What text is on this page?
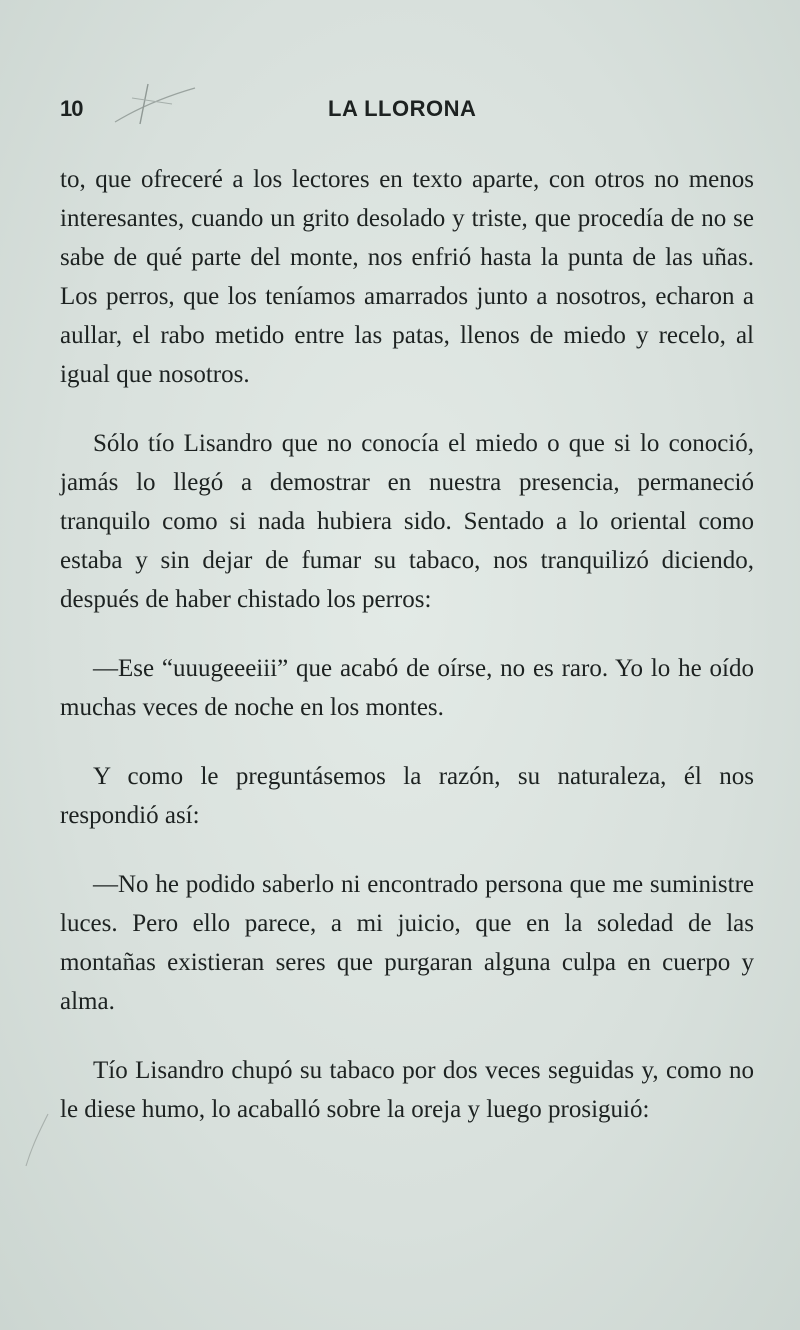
10	LA LLORONA

to, que ofreceré a los lectores en texto aparte, con otros no menos interesantes, cuando un grito desolado y triste, que procedía de no se sabe de qué parte del monte, nos enfrió hasta la punta de las uñas. Los perros, que los teníamos amarrados junto a nosotros, echaron a aullar, el rabo metido entre las patas, llenos de miedo y recelo, al igual que nosotros.

Sólo tío Lisandro que no conocía el miedo o que si lo conoció, jamás lo llegó a demostrar en nuestra presencia, permaneció tranquilo como si nada hubiera sido. Sentado a lo oriental como estaba y sin dejar de fumar su tabaco, nos tranquilizó diciendo, después de haber chistado los perros:

—Ese “uuugeeeiii” que acabó de oírse, no es raro. Yo lo he oído muchas veces de noche en los montes.

Y como le preguntásemos la razón, su naturaleza, él nos respondió así:

—No he podido saberlo ni encontrado persona que me suministre luces. Pero ello parece, a mi juicio, que en la soledad de las montañas existieran seres que purgaran alguna culpa en cuerpo y alma.

Tío Lisandro chupó su tabaco por dos veces seguidas y, como no le diese humo, lo acaballó sobre la oreja y luego prosiguió:
